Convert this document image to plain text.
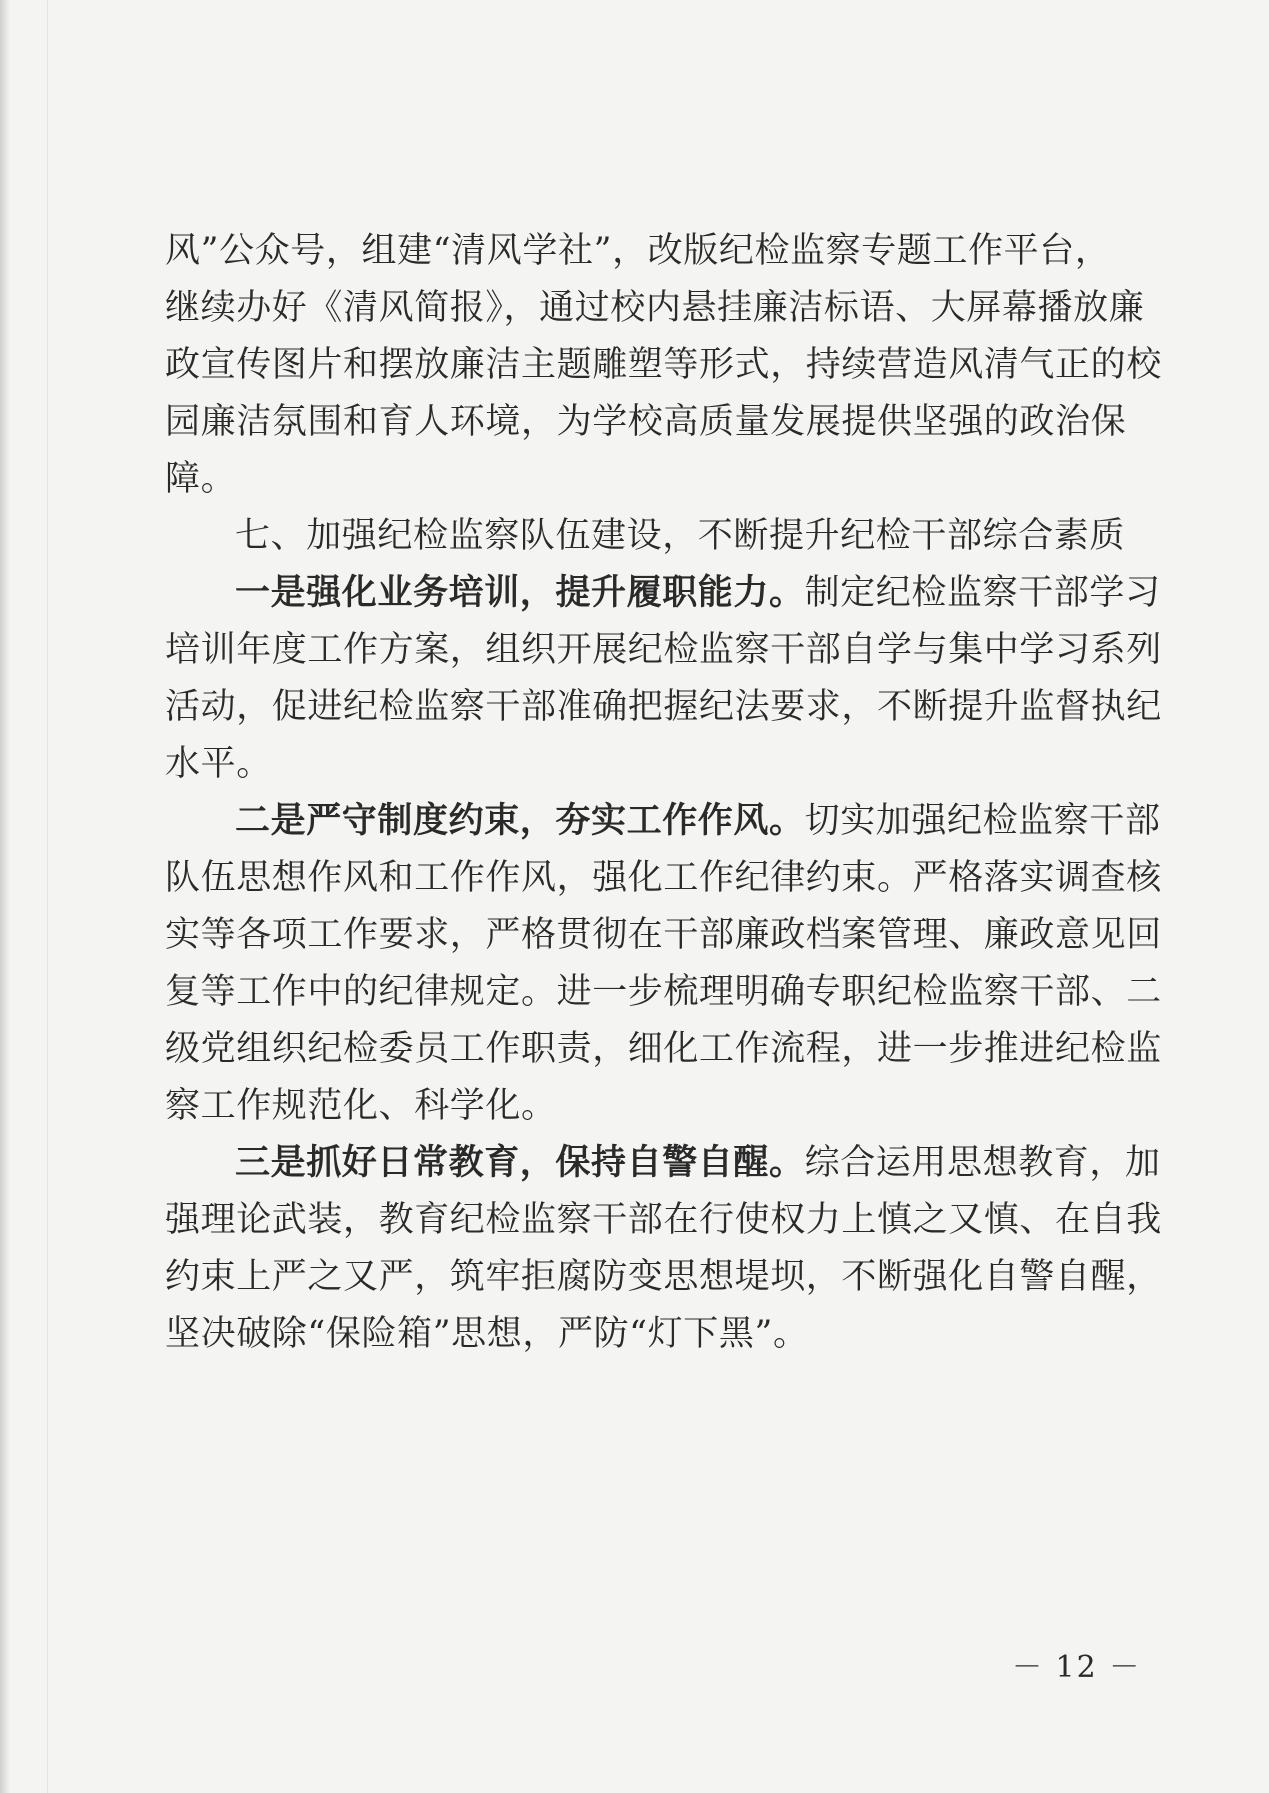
风”公众号，组建“清风学社”，改版纪检监察专题工作平台，
继续办好《清风简报》，通过校内悬挂廉洁标语、大屏幕播放廉
政宣传图片和摆放廉洁主题雕塑等形式，持续营造风清气正的校
园廉洁氛围和育人环境，为学校高质量发展提供坚强的政治保
障。
七、加强纪检监察队伍建设，不断提升纪检干部综合素质
一是强化业务培训，提升履职能力。制定纪检监察干部学习
培训年度工作方案，组织开展纪检监察干部自学与集中学习系列
活动，促进纪检监察干部准确把握纪法要求，不断提升监督执纪
水平。
二是严守制度约束，夯实工作作风。切实加强纪检监察干部
队伍思想作风和工作作风，强化工作纪律约束。严格落实调查核
实等各项工作要求，严格贯彻在干部廉政档案管理、廉政意见回
复等工作中的纪律规定。进一步梳理明确专职纪检监察干部、二
级党组织纪检委员工作职责，细化工作流程，进一步推进纪检监
察工作规范化、科学化。
三是抓好日常教育，保持自警自醒。综合运用思想教育，加
强理论武装，教育纪检监察干部在行使权力上慎之又慎、在自我
约束上严之又严，筑牢拒腐防变思想堤坝，不断强化自警自醒，
坚决破除“保险箱”思想，严防“灯下黑”。
－ 12 －
